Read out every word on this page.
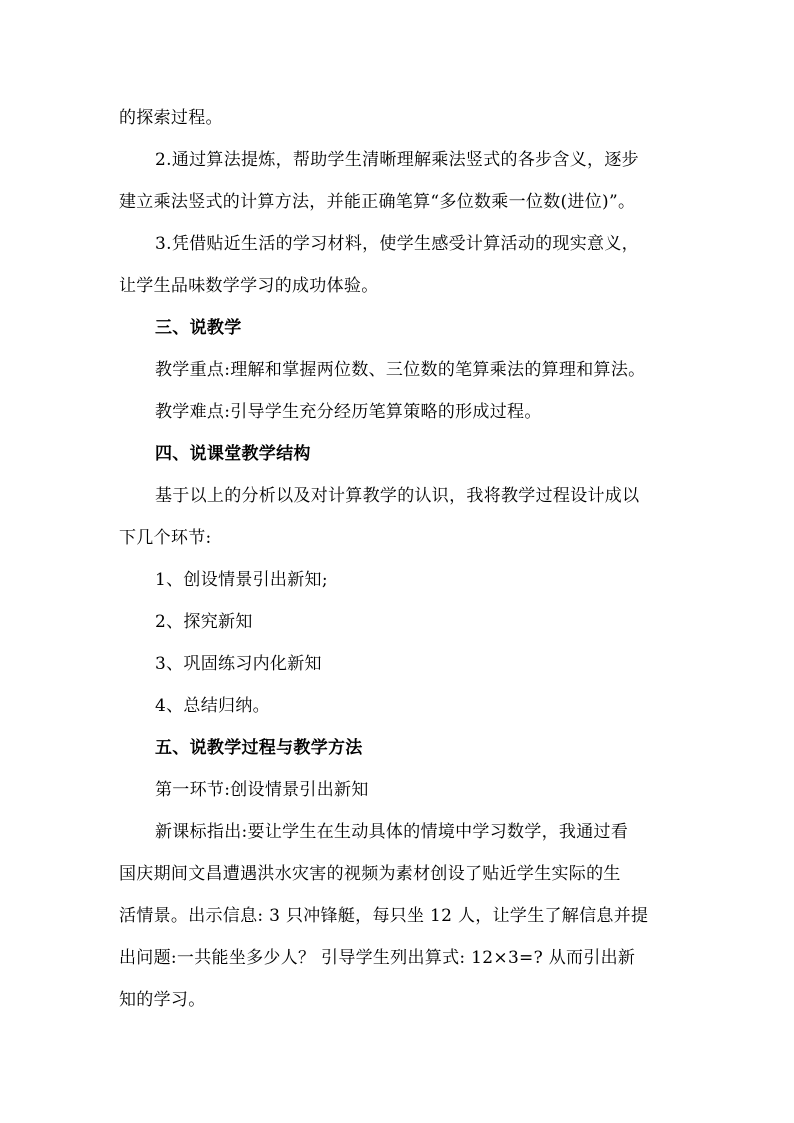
的探索过程。
2.通过算法提炼，帮助学生清晰理解乘法竖式的各步含义，逐步
建立乘法竖式的计算方法，并能正确笔算“多位数乘一位数(进位)”。
3.凭借贴近生活的学习材料，使学生感受计算活动的现实意义，
让学生品味数学学习的成功体验。
三、说教学
教学重点:理解和掌握两位数、三位数的笔算乘法的算理和算法。
教学难点:引导学生充分经历笔算策略的形成过程。
四、说课堂教学结构
基于以上的分析以及对计算教学的认识，我将教学过程设计成以
下几个环节:
1、创设情景引出新知;
2、探究新知
3、巩固练习内化新知
4、总结归纳。
五、说教学过程与教学方法
第一环节:创设情景引出新知
新课标指出:要让学生在生动具体的情境中学习数学，我通过看
国庆期间文昌遭遇洪水灾害的视频为素材创设了贴近学生实际的生
活情景。出示信息: 3 只冲锋艇，每只坐 12 人，让学生了解信息并提
出问题:一共能坐多少人？ 引导学生列出算式: 12×3=? 从而引出新
知的学习。
